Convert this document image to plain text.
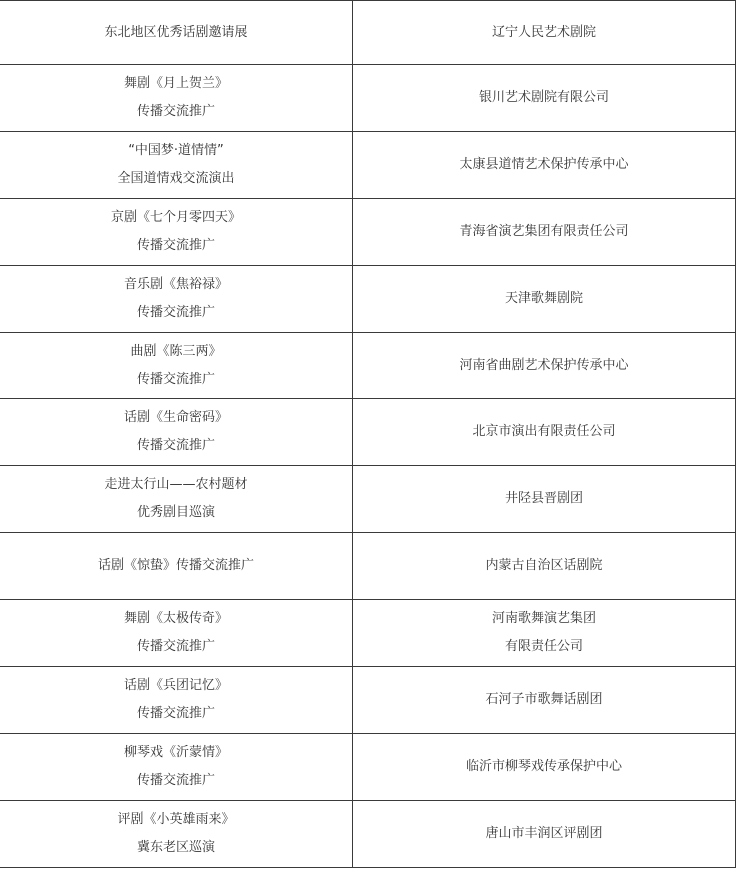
东北地区优秀话剧邀请展	辽宁人民艺术剧院

舞剧《月上贺兰》
传播交流推广	银川艺术剧院有限公司

“中国梦·道情情”
全国道情戏交流演出	太康县道情艺术保护传承中心

京剧《七个月零四天》
传播交流推广	青海省演艺集团有限责任公司

音乐剧《焦裕禄》
传播交流推广	天津歌舞剧院

曲剧《陈三两》
传播交流推广	河南省曲剧艺术保护传承中心

话剧《生命密码》
传播交流推广	北京市演出有限责任公司

走进太行山——农村题材
优秀剧目巡演	井陉县晋剧团

话剧《惊蛰》传播交流推广	内蒙古自治区话剧院

舞剧《太极传奇》
传播交流推广	河南歌舞演艺集团
有限责任公司

话剧《兵团记忆》
传播交流推广	石河子市歌舞话剧团

柳琴戏《沂蒙情》
传播交流推广	临沂市柳琴戏传承保护中心

评剧《小英雄雨来》
冀东老区巡演	唐山市丰润区评剧团
